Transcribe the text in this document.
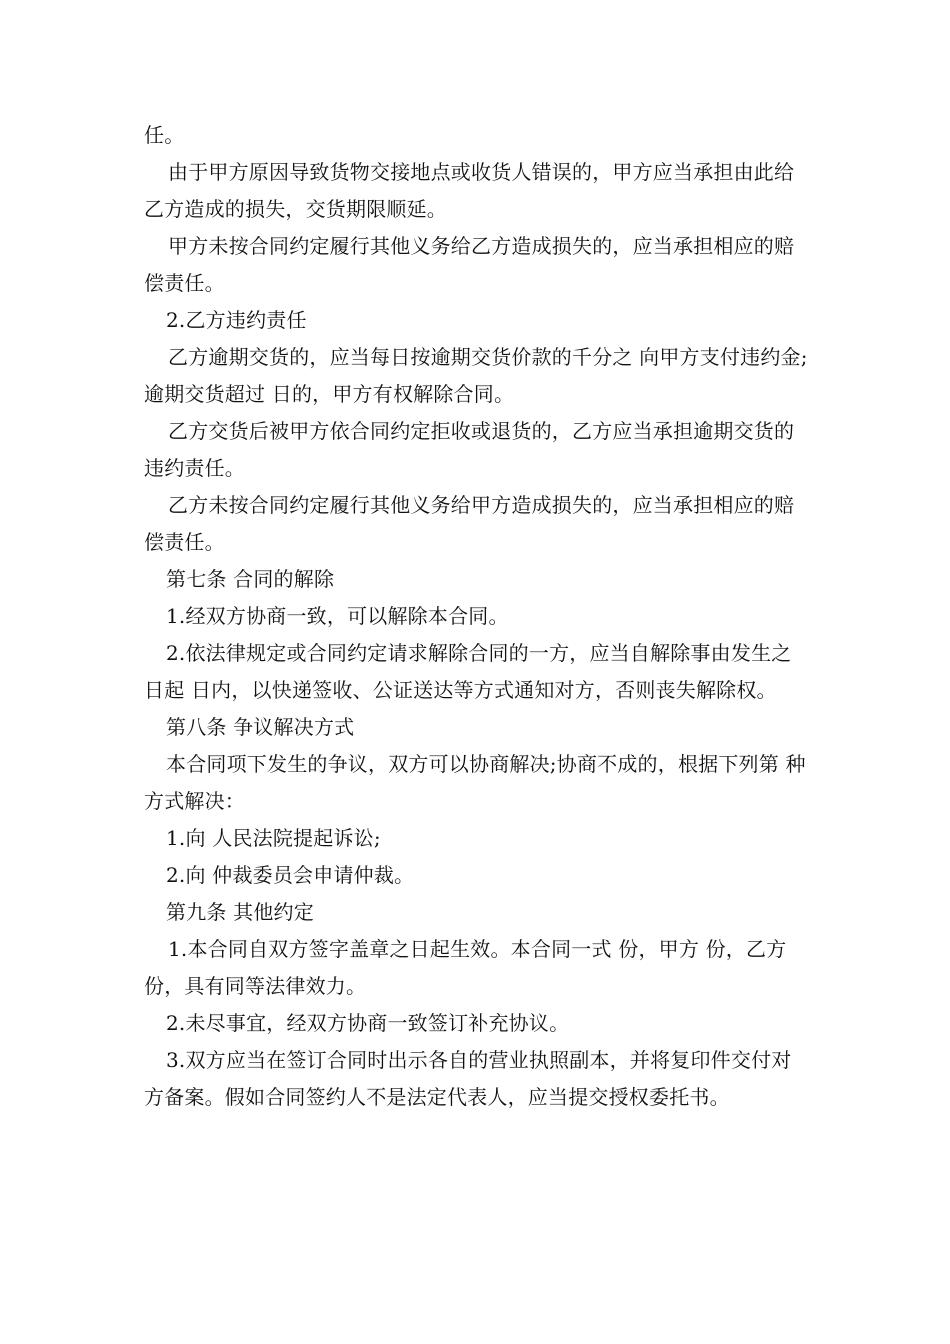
任。

由于甲方原因导致货物交接地点或收货人错误的，甲方应当承担由此给乙方造成的损失，交货期限顺延。

甲方未按合同约定履行其他义务给乙方造成损失的，应当承担相应的赔偿责任。

2.乙方违约责任

乙方逾期交货的，应当每日按逾期交货价款的千分之 向甲方支付违约金;逾期交货超过 日的，甲方有权解除合同。

乙方交货后被甲方依合同约定拒收或退货的，乙方应当承担逾期交货的违约责任。

乙方未按合同约定履行其他义务给甲方造成损失的，应当承担相应的赔偿责任。

第七条 合同的解除

1.经双方协商一致，可以解除本合同。

2.依法律规定或合同约定请求解除合同的一方，应当自解除事由发生之日起 日内，以快递签收、公证送达等方式通知对方，否则丧失解除权。

第八条 争议解决方式

本合同项下发生的争议，双方可以协商解决;协商不成的，根据下列第 种方式解决：

1.向 人民法院提起诉讼;

2.向 仲裁委员会申请仲裁。

第九条 其他约定

1.本合同自双方签字盖章之日起生效。本合同一式 份，甲方 份，乙方 份，具有同等法律效力。

2.未尽事宜，经双方协商一致签订补充协议。

3.双方应当在签订合同时出示各自的营业执照副本，并将复印件交付对方备案。假如合同签约人不是法定代表人，应当提交授权委托书。
